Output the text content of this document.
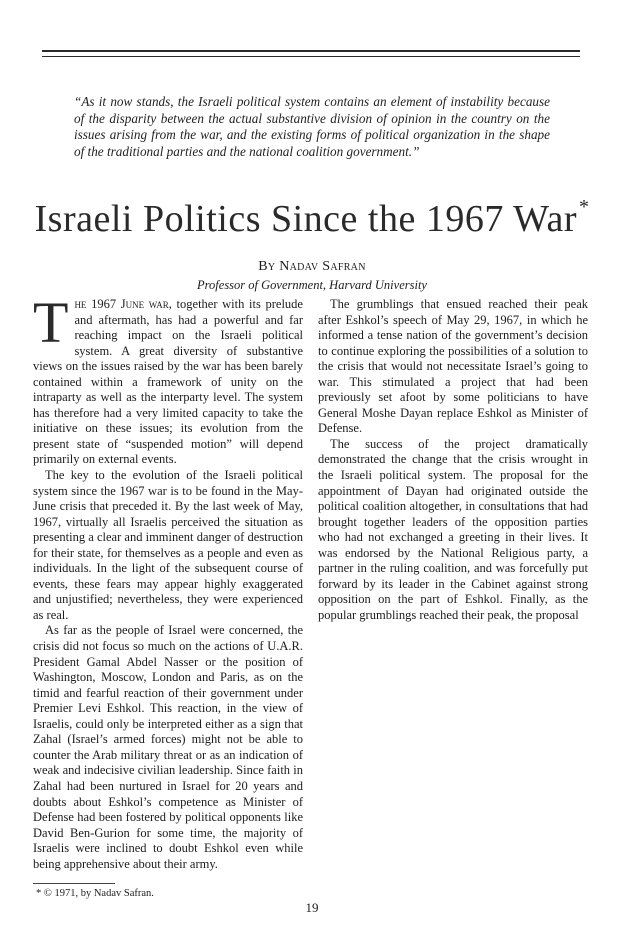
“As it now stands, the Israeli political system contains an element of instability because of the disparity between the actual substantive division of opinion in the country on the issues arising from the war, and the existing forms of political organization in the shape of the traditional parties and the national coalition government.”

Israeli Politics Since the 1967 War *
By Nadav Safran
Professor of Government, Harvard University

The 1967 June war, together with its prelude and aftermath, has had a powerful and far reaching impact on the Israeli political system. A great diversity of substantive views on the issues raised by the war has been barely contained within a framework of unity on the intraparty as well as the interparty level. The system has therefore had a very limited capacity to take the initiative on these issues; its evolution from the present state of “suspended motion” will depend primarily on external events.

The key to the evolution of the Israeli political system since the 1967 war is to be found in the May-June crisis that preceded it. By the last week of May, 1967, virtually all Israelis perceived the situation as presenting a clear and imminent danger of destruction for their state, for themselves as a people and even as individuals. In the light of the subsequent course of events, these fears may appear highly exaggerated and unjustified; nevertheless, they were experienced as real.

As far as the people of Israel were concerned, the crisis did not focus so much on the actions of U.A.R. President Gamal Abdel Nasser or the position of Washington, Moscow, London and Paris, as on the timid and fearful reaction of their government under Premier Levi Eshkol. This reaction, in the view of Israelis, could only be interpreted either as a sign that Zahal (Israel’s armed forces) might not be able to counter the Arab military threat or as an indication of weak and indecisive civilian leadership. Since faith in Zahal had been nurtured in Israel for 20 years and doubts about Eshkol’s competence as Minister of Defense had been fostered by political opponents like David Ben-Gurion for some time, the majority of Israelis were inclined to doubt Eshkol even while being apprehensive about their army.

The grumblings that ensued reached their peak after Eshkol’s speech of May 29, 1967, in which he informed a tense nation of the government’s decision to continue exploring the possibilities of a solution to the crisis that would not necessitate Israel’s going to war. This stimulated a project that had been previously set afoot by some politicians to have General Moshe Dayan replace Eshkol as Minister of Defense.

The success of the project dramatically demonstrated the change that the crisis wrought in the Israeli political system. The proposal for the appointment of Dayan had originated outside the political coalition altogether, in consultations that had brought together leaders of the opposition parties who had not exchanged a greeting in their lives. It was endorsed by the National Religious party, a partner in the ruling coalition, and was forcefully put forward by its leader in the Cabinet against strong opposition on the part of Eshkol. Finally, as the popular grumblings reached their peak, the proposal

* © 1971, by Nadav Safran.
19
